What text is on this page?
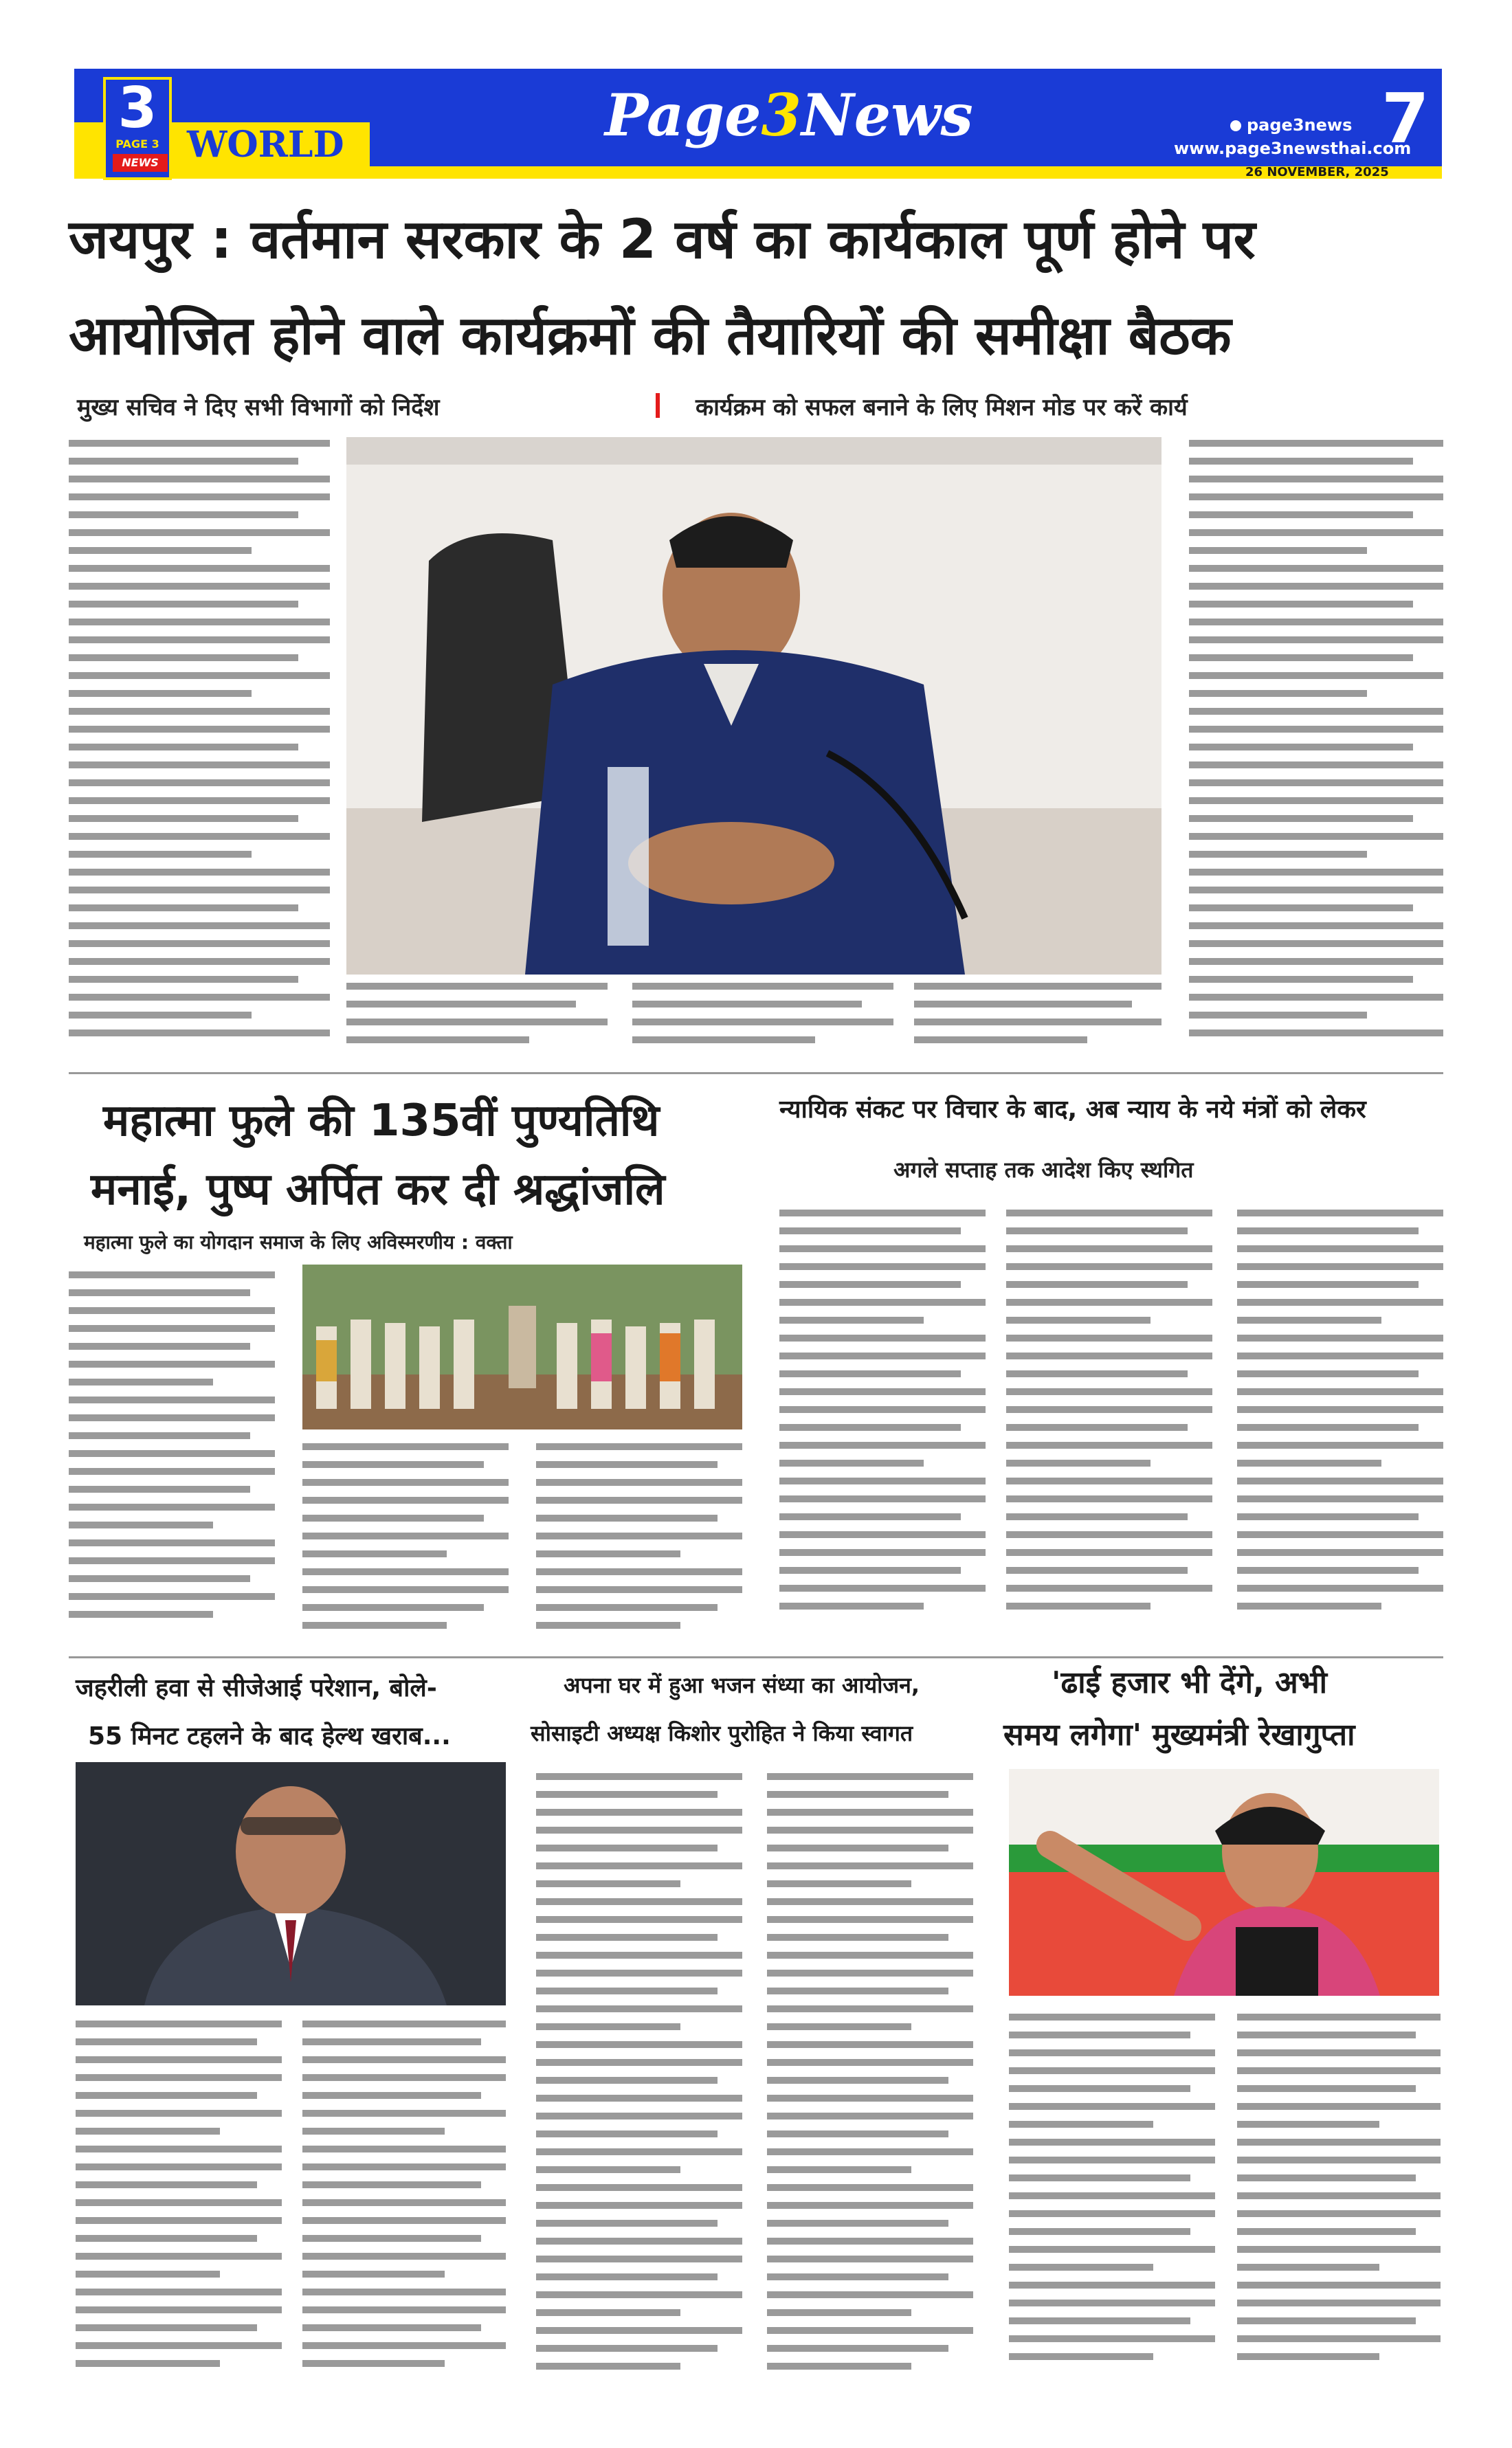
3
PAGE 3
NEWS WORLD	Page3News	page3news
www.page3newsthai.com
7
26 NOVEMBER, 2025
जयपुर : वर्तमान सरकार के 2 वर्ष का कार्यकाल पूर्ण होने पर
आयोजित होने वाले कार्यक्रमों की तैयारियों की समीक्षा बैठक
मुख्य सचिव ने दिए सभी विभागों को निर्देश	कार्यक्रम को सफल बनाने के लिए मिशन मोड पर करें कार्य
महात्मा फुले की 135वीं पुण्यतिथि
मनाई, पुष्प अर्पित कर दी श्रद्धांजलि
महात्मा फुले का योगदान समाज के लिए अविस्मरणीय : वक्ता
न्यायिक संकट पर विचार के बाद, अब न्याय के नये मंत्रों को लेकर
अगले सप्ताह तक आदेश किए स्थगित
जहरीली हवा से सीजेआई परेशान, बोले-
55 मिनट टहलने के बाद हेल्थ खराब...
अपना घर में हुआ भजन संध्या का आयोजन,
सोसाइटी अध्यक्ष किशोर पुरोहित ने किया स्वागत
'ढाई हजार भी देंगे, अभी
समय लगेगा' मुख्यमंत्री रेखागुप्ता
